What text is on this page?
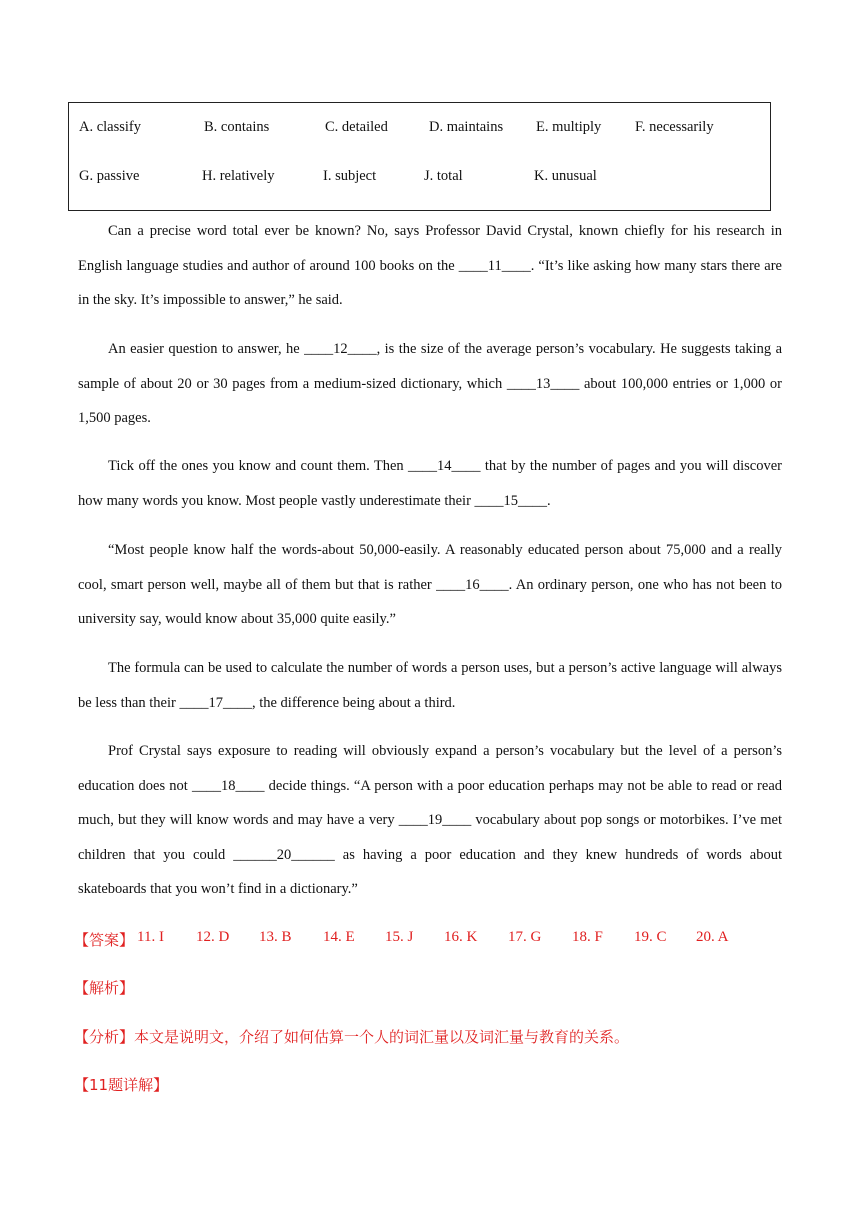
A. classify	B. contains	C. detailed	D. maintains E. multiply F. necessarily
G. passive	H. relatively	I. subject	J. total	K. unusual

Can a precise word total ever be known? No, says Professor David Crystal, known chiefly for his research in English language studies and author of around 100 books on the ____11____. “It’s like asking how many stars there are in the sky. It’s impossible to answer,” he said.

An easier question to answer, he ____12____, is the size of the average person’s vocabulary. He suggests taking a sample of about 20 or 30 pages from a medium-sized dictionary, which ____13____ about 100,000 entries or 1,000 or 1,500 pages.

Tick off the ones you know and count them. Then ____14____ that by the number of pages and you will discover how many words you know. Most people vastly underestimate their ____15____.

“Most people know half the words-about 50,000-easily. A reasonably educated person about 75,000 and a really cool, smart person well, maybe all of them but that is rather ____16____. An ordinary person, one who has not been to university say, would know about 35,000 quite easily.”

The formula can be used to calculate the number of words a person uses, but a person’s active language will always be less than their ____17____, the difference being about a third.

Prof Crystal says exposure to reading will obviously expand a person’s vocabulary but the level of a person’s education does not ____18____ decide things. “A person with a poor education perhaps may not be able to read or read much, but they will know words and may have a very ____19____ vocabulary about pop songs or motorbikes. I’ve met children that you could ______20______ as having a poor education and they knew hundreds of words about skateboards that you won’t find in a dictionary.”

【答案】 11. I 12. D 13. B 14. E 15. J 16. K 17. G 18. F 19. C 20. A
【解析】
【分析】本文是说明文，介绍了如何估算一个人的词汇量以及词汇量与教育的关系。
【11题详解】
